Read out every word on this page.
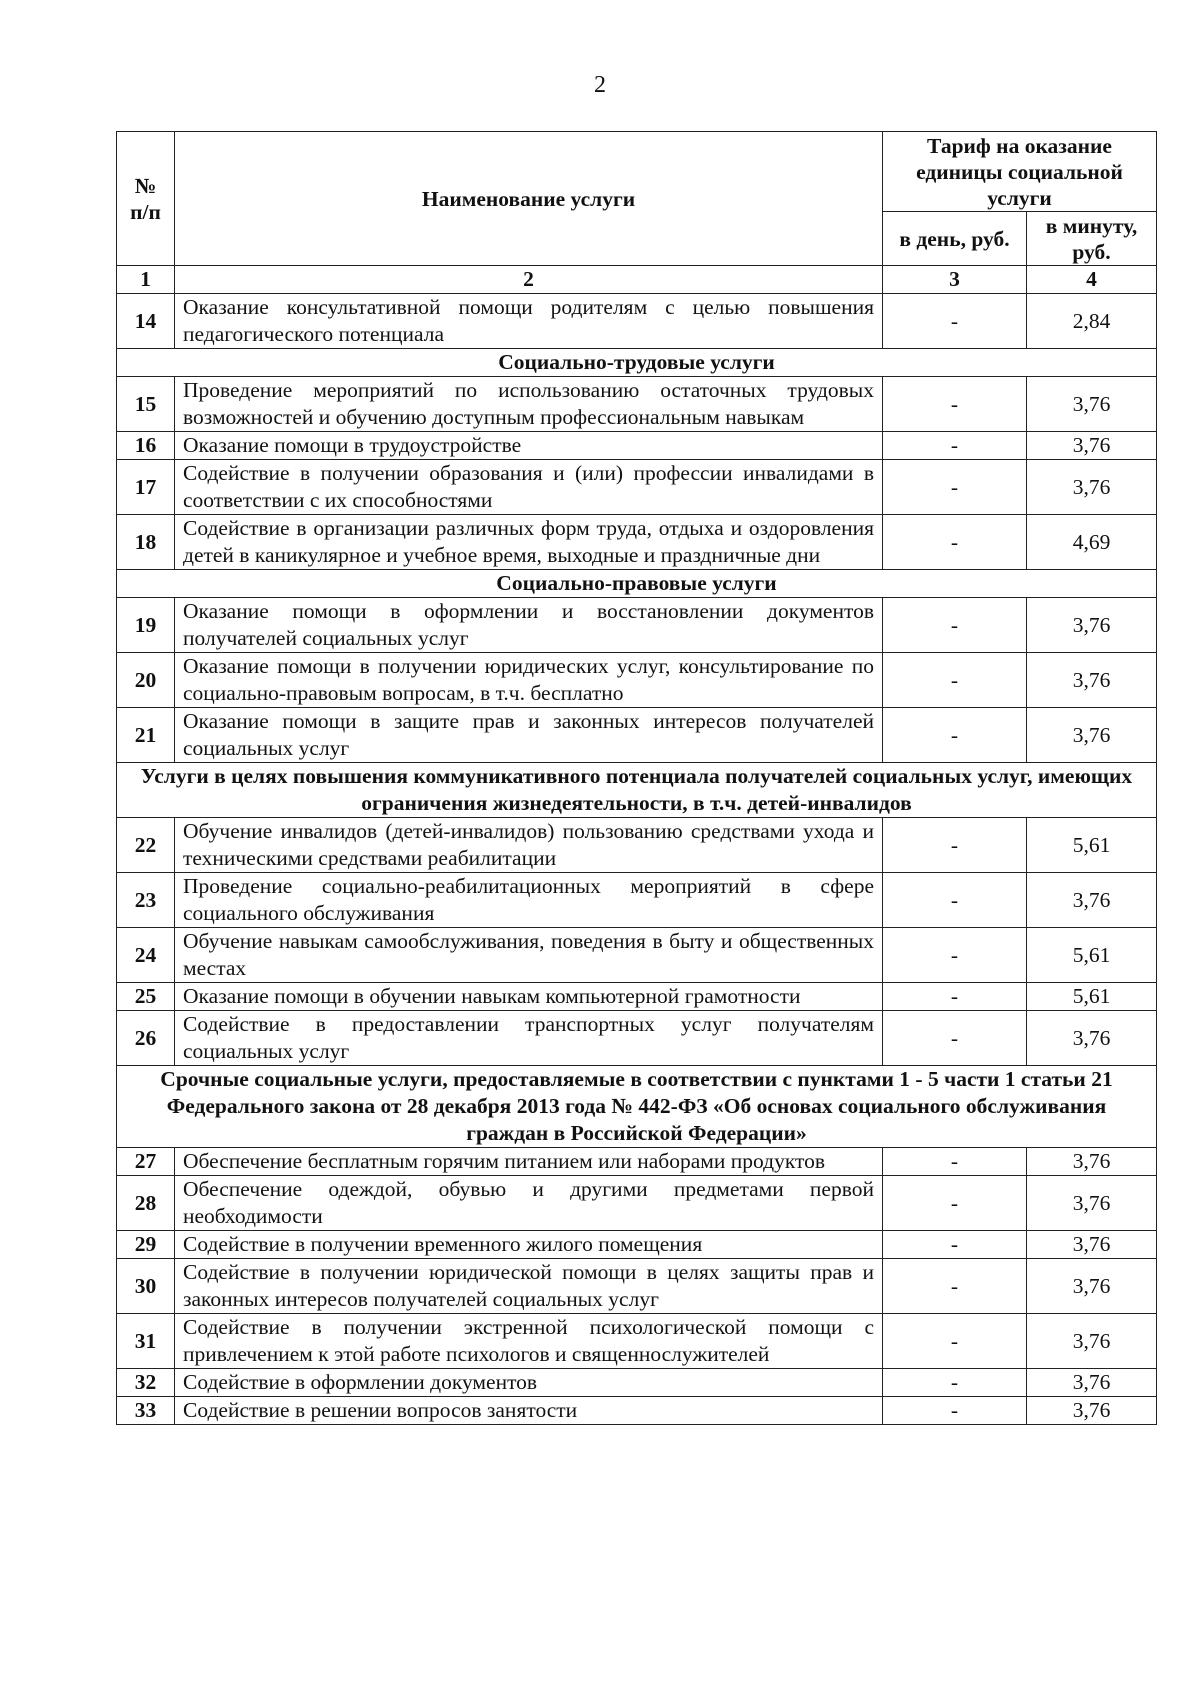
2
№ п/п	Наименование услуги	Тариф на оказание единицы социальной услуги	
		в день, руб.	в минуту, руб.
1	2	3	4
14	Оказание консультативной помощи родителям с целью повышения педагогического потенциала	-	2,84
Социально-трудовые услуги			
15	Проведение мероприятий по использованию остаточных трудовых возможностей и обучению доступным профессиональным навыкам	-	3,76
16	Оказание помощи в трудоустройстве	-	3,76
17	Содействие в получении образования и (или) профессии инвалидами в соответствии с их способностями	-	3,76
18	Содействие в организации различных форм труда, отдыха и оздоровления детей в каникулярное и учебное время, выходные и праздничные дни	-	4,69
Социально-правовые услуги			
19	Оказание помощи в оформлении и восстановлении документов получателей социальных услуг	-	3,76
20	Оказание помощи в получении юридических услуг, консультирование по социально-правовым вопросам, в т.ч. бесплатно	-	3,76
21	Оказание помощи в защите прав и законных интересов получателей социальных услуг	-	3,76
Услуги в целях повышения коммуникативного потенциала получателей социальных услуг, имеющих ограничения жизнедеятельности, в т.ч. детей-инвалидов			
22	Обучение инвалидов (детей-инвалидов) пользованию средствами ухода и техническими средствами реабилитации	-	5,61
23	Проведение социально-реабилитационных мероприятий в сфере социального обслуживания	-	3,76
24	Обучение навыкам самообслуживания, поведения в быту и общественных местах	-	5,61
25	Оказание помощи в обучении навыкам компьютерной грамотности	-	5,61
26	Содействие в предоставлении транспортных услуг получателям социальных услуг	-	3,76
Срочные социальные услуги, предоставляемые в соответствии с пунктами 1 - 5 части 1 статьи 21 Федерального закона от 28 декабря 2013 года № 442-ФЗ «Об основах социального обслуживания граждан в Российской Федерации»			
27	Обеспечение бесплатным горячим питанием или наборами продуктов	-	3,76
28	Обеспечение одеждой, обувью и другими предметами первой необходимости	-	3,76
29	Содействие в получении временного жилого помещения	-	3,76
30	Содействие в получении юридической помощи в целях защиты прав и законных интересов получателей социальных услуг	-	3,76
31	Содействие в получении экстренной психологической помощи с привлечением к этой работе психологов и священнослужителей	-	3,76
32	Содействие в оформлении документов	-	3,76
33	Содействие в решении вопросов занятости	-	3,76
